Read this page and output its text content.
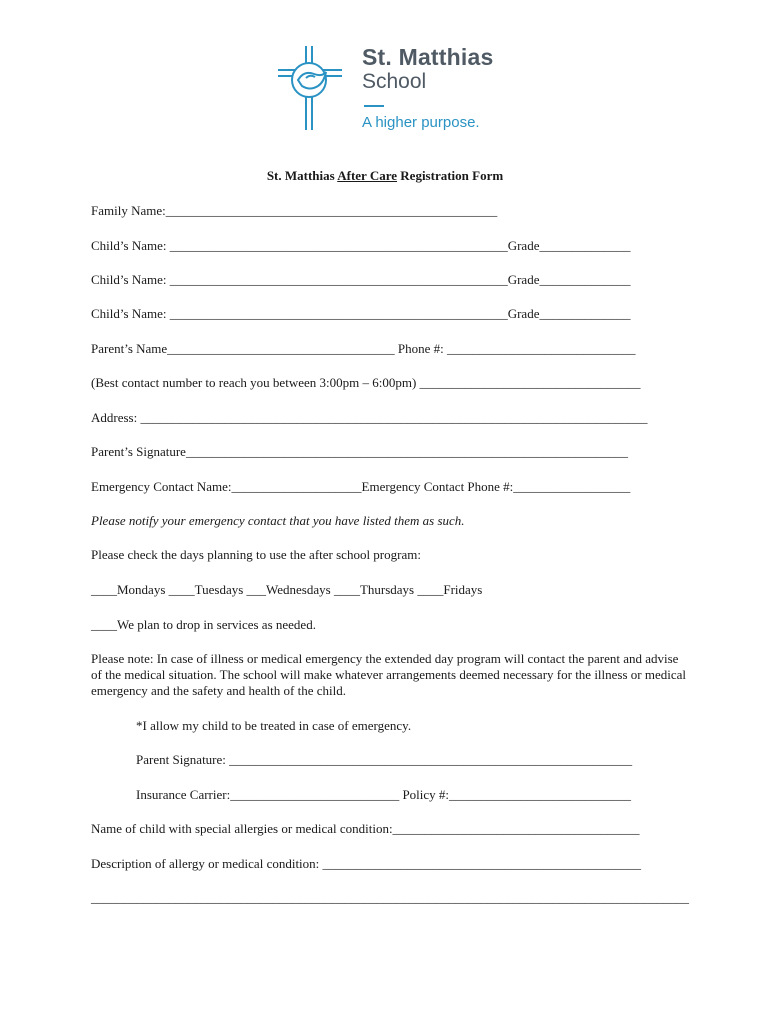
St. Matthias
School
A higher purpose.
St. Matthias After Care Registration Form
Family Name:___________________________________________________
Child’s Name: ____________________________________________________Grade______________
Child’s Name: ____________________________________________________Grade______________
Child’s Name: ____________________________________________________Grade______________
Parent’s Name___________________________________ Phone #: _____________________________
(Best contact number to reach you between 3:00pm – 6:00pm) __________________________________
Address: ______________________________________________________________________________
Parent’s Signature____________________________________________________________________
Emergency Contact Name:____________________Emergency Contact Phone #:__________________
Please notify your emergency contact that you have listed them as such.
Please check the days planning to use the after school program:
____Mondays ____Tuesdays ___Wednesdays ____Thursdays ____Fridays
____We plan to drop in services as needed.
Please note: In case of illness or medical emergency the extended day program will contact the parent and advise of the medical situation. The school will make whatever arrangements deemed necessary for the illness or medical emergency and the safety and health of the child.
*I allow my child to be treated in case of emergency.
Parent Signature: ______________________________________________________________
Insurance Carrier:__________________________ Policy #:____________________________
Name of child with special allergies or medical condition:______________________________________
Description of allergy or medical condition: _________________________________________________
____________________________________________________________________________________________
